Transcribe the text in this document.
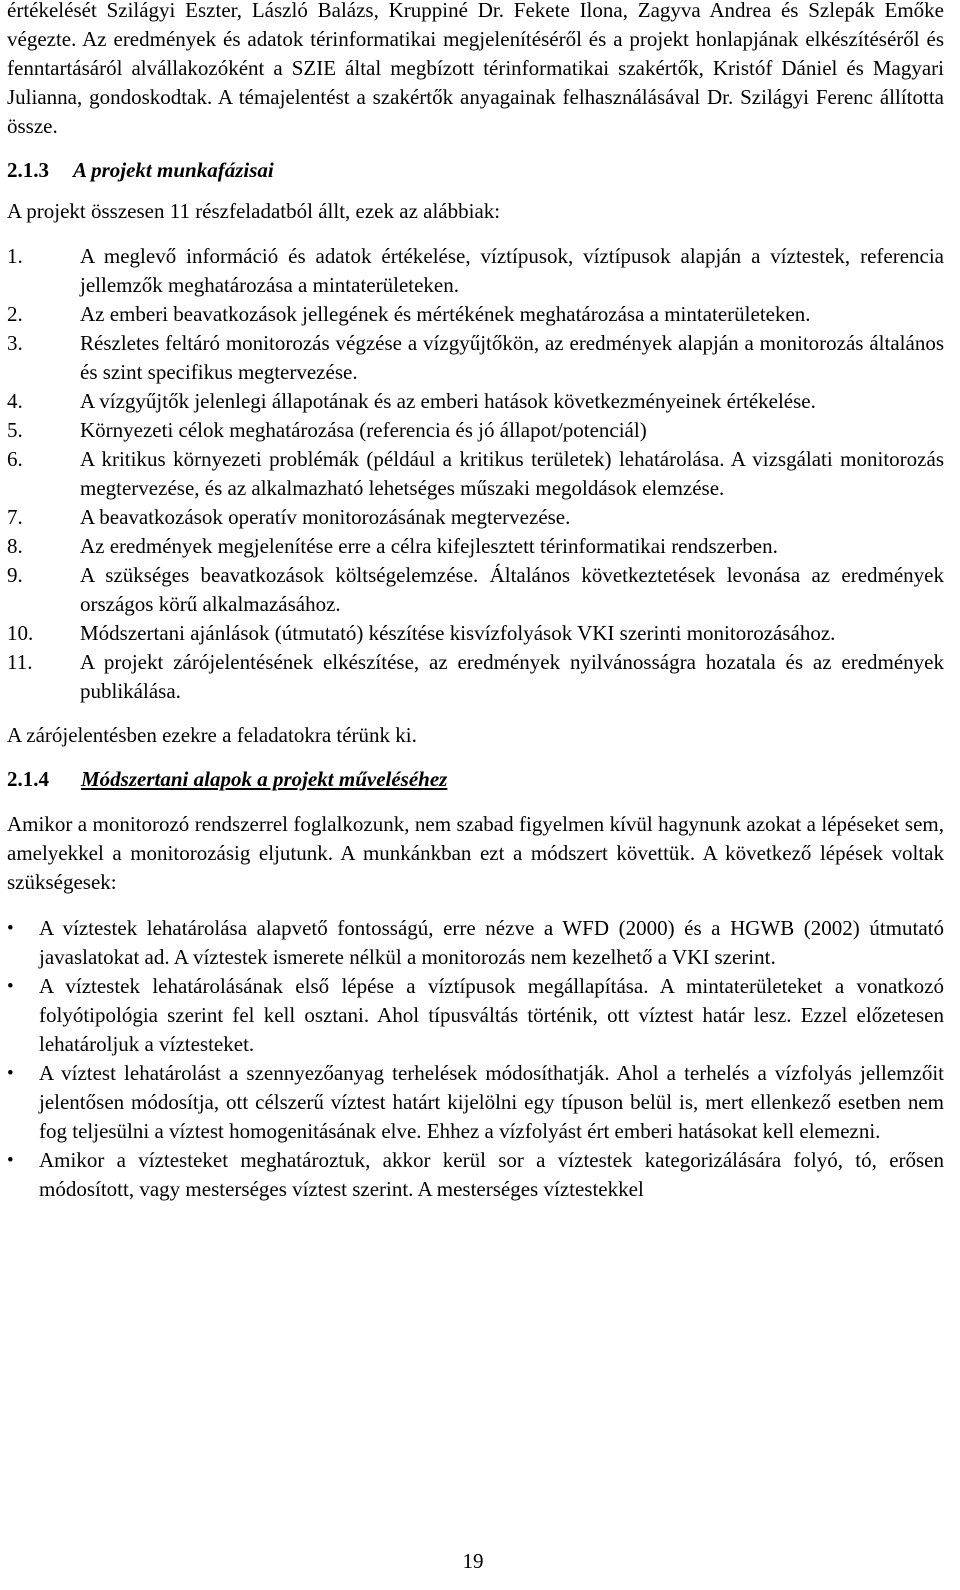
értékelését Szilágyi Eszter, László Balázs, Kruppiné Dr. Fekete Ilona, Zagyva Andrea és Szlepák Emőke végezte. Az eredmények és adatok térinformatikai megjelenítéséről és a projekt honlapjának elkészítéséről és fenntartásáról alvállakozóként a SZIE által megbízott térinformatikai szakértők, Kristóf Dániel és Magyari Julianna, gondoskodtak. A témajelentést a szakértők anyagainak felhasználásával Dr. Szilágyi Ferenc állította össze.

2.1.3 A projekt munkafázisai

A projekt összesen 11 részfeladatból állt, ezek az alábbiak:

1.	A meglevő információ és adatok értékelése, víztípusok, víztípusok alapján a víztestek, referencia jellemzők meghatározása a mintaterületeken.
2.	Az emberi beavatkozások jellegének és mértékének meghatározása a mintaterületeken.
3.	Részletes feltáró monitorozás végzése a vízgyűjtőkön, az eredmények alapján a monitorozás általános és szint specifikus megtervezése.
4.	A vízgyűjtők jelenlegi állapotának és az emberi hatások következményeinek értékelése.
5.	Környezeti célok meghatározása (referencia és jó állapot/potenciál)
6.	A kritikus környezeti problémák (például a kritikus területek) lehatárolása. A vizsgálati monitorozás megtervezése, és az alkalmazható lehetséges műszaki megoldások elemzése.
7.	A beavatkozások operatív monitorozásának megtervezése.
8.	Az eredmények megjelenítése erre a célra kifejlesztett térinformatikai rendszerben.
9.	A szükséges beavatkozások költségelemzése. Általános következtetések levonása az eredmények országos körű alkalmazásához.
10.	Módszertani ajánlások (útmutató) készítése kisvízfolyások VKI szerinti monitorozásához.
11.	A projekt zárójelentésének elkészítése, az eredmények nyilvánosságra hozatala és az eredmények publikálása.

A zárójelentésben ezekre a feladatokra térünk ki.

2.1.4 Módszertani alapok a projekt műveléséhez

Amikor a monitorozó rendszerrel foglalkozunk, nem szabad figyelmen kívül hagynunk azokat a lépéseket sem, amelyekkel a monitorozásig eljutunk. A munkánkban ezt a módszert követtük. A következő lépések voltak szükségesek:

•	A víztestek lehatárolása alapvető fontosságú, erre nézve a WFD (2000) és a HGWB (2002) útmutató javaslatokat ad. A víztestek ismerete nélkül a monitorozás nem kezelhető a VKI szerint.
•	A víztestek lehatárolásának első lépése a víztípusok megállapítása. A mintaterületeket a vonatkozó folyótipológia szerint fel kell osztani. Ahol típusváltás történik, ott víztest határ lesz. Ezzel előzetesen lehatároljuk a víztesteket.
•	A víztest lehatárolást a szennyezőanyag terhelések módosíthatják. Ahol a terhelés a vízfolyás jellemzőit jelentősen módosítja, ott célszerű víztest határt kijelölni egy típuson belül is, mert ellenkező esetben nem fog teljesülni a víztest homogenitásának elve. Ehhez a vízfolyást ért emberi hatásokat kell elemezni.
•	Amikor a víztesteket meghatároztuk, akkor kerül sor a víztestek kategorizálására folyó, tó, erősen módosított, vagy mesterséges víztest szerint. A mesterséges víztestekkel
19
